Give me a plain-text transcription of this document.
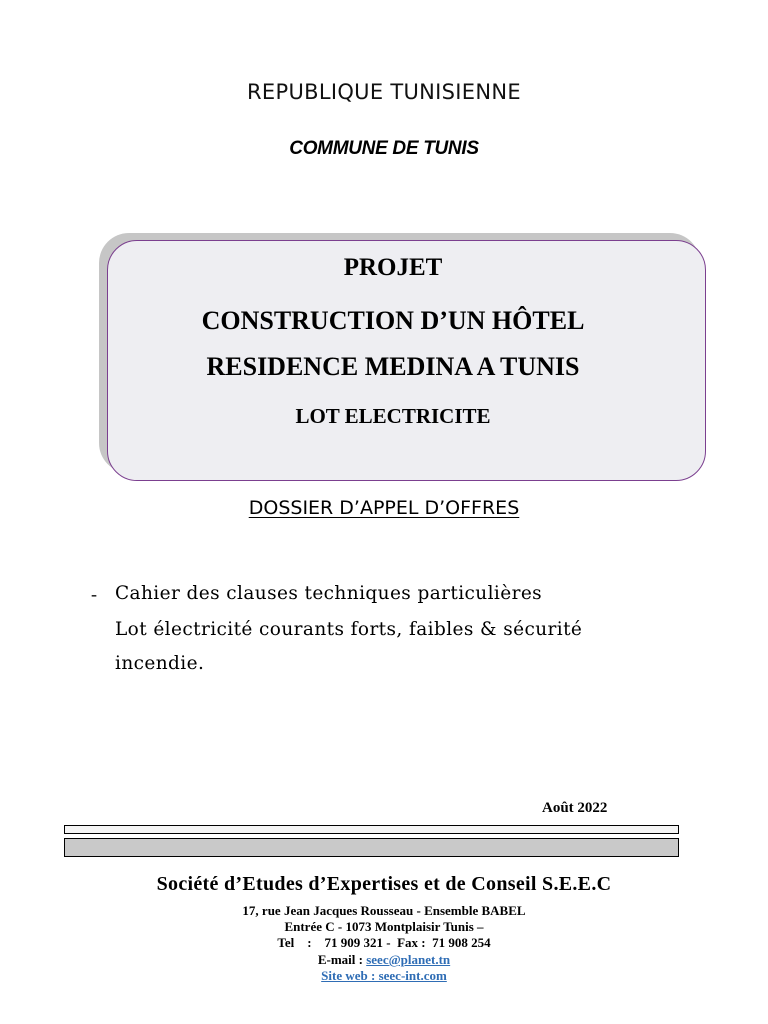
REPUBLIQUE TUNISIENNE
COMMUNE DE TUNIS
PROJET
CONSTRUCTION D’UN HÔTEL
RESIDENCE MEDINA A TUNIS
LOT ELECTRICITE
DOSSIER D’APPEL D’OFFRES
- Cahier des clauses techniques particulières
Lot électricité courants forts, faibles & sécurité
incendie.
Août 2022
Société d’Etudes d’Expertises et de Conseil S.E.E.C
17, rue Jean Jacques Rousseau - Ensemble BABEL
Entrée C - 1073 Montplaisir Tunis –
Tel    :    71 909 321 -  Fax :  71 908 254
E-mail : seec@planet.tn
Site web : seec-int.com
